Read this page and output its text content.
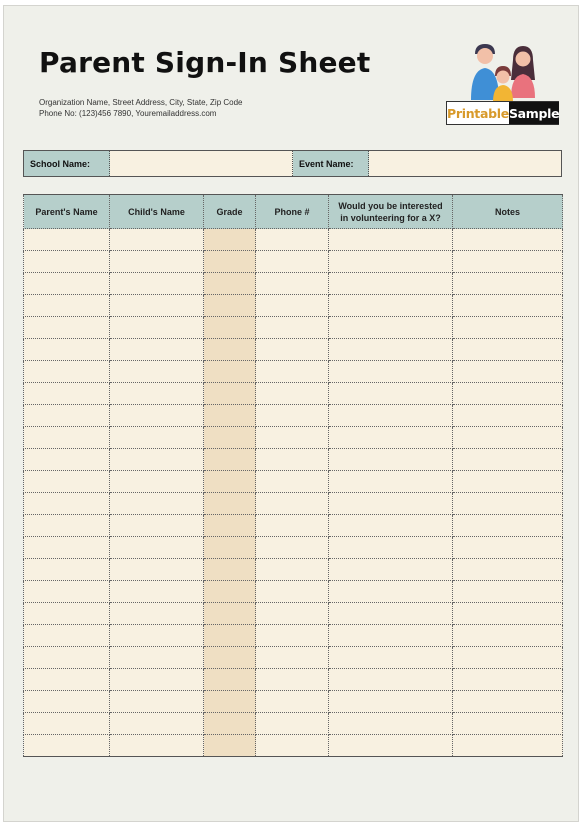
Parent Sign-In Sheet
Organization Name, Street Address, City, State, Zip Code
Phone No: (123)456 7890, Youremailaddress.com	Printable Sample
School Name:	Event Name:
Parent's Name	Child's Name	Grade	Phone #	Would you be interested in volunteering for a X?	Notes
